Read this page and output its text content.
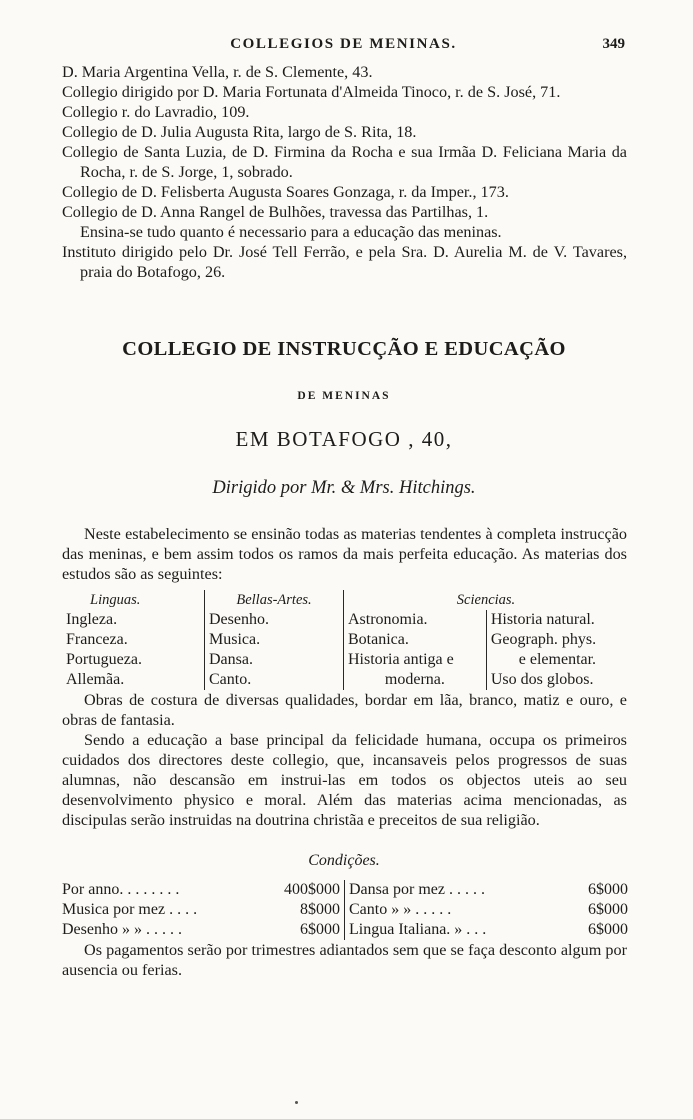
COLLEGIOS DE MENINAS.	349

D. Maria Argentina Vella, r. de S. Clemente, 43.

Collegio dirigido por D. Maria Fortunata d'Almeida Tinoco, r. de S. José, 71.

Collegio r. do Lavradio, 109.

Collegio de D. Julia Augusta Rita, largo de S. Rita, 18.

Collegio de Santa Luzia, de D. Firmina da Rocha e sua Irmãa D. Feliciana Maria da Rocha, r. de S. Jorge, 1, sobrado.

Collegio de D. Felisberta Augusta Soares Gonzaga, r. da Imper., 173.

Collegio de D. Anna Rangel de Bulhões, travessa das Partilhas, 1.

Ensina-se tudo quanto é necessario para a educação das meninas.

Instituto dirigido pelo Dr. José Tell Ferrão, e pela Sra. D. Aurelia M. de V. Tavares, praia do Botafogo, 26.

COLLEGIO DE INSTRUCÇÃO E EDUCAÇÃO
DE MENINAS
EM BOTAFOGO , 40,
Dirigido por Mr. & Mrs. Hitchings.

Neste estabelecimento se ensinão todas as materias tendentes à completa instrucção das meninas, e bem assim todos os ramos da mais perfeita educação. As materias dos estudos são as seguintes:

Linguas.	Bellas-Artes.	Sciencias.	
Ingleza.	Desenho.	Astronomia.	Historia natural.
Franceza.	Musica.	Botanica.	Geograph. phys.
Portugueza.	Dansa.	Historia antiga e	e elementar.
Allemãa.	Canto.	moderna.	Uso dos globos.

Obras de costura de diversas qualidades, bordar em lãa, branco, matiz e ouro, e obras de fantasia.

Sendo a educação a base principal da felicidade humana, occupa os primeiros cuidados dos directores deste collegio, que, incansaveis pelos progressos de suas alumnas, não descansão em instrui-las em todos os objectos uteis ao seu desenvolvimento physico e moral. Além das materias acima mencionadas, as discipulas serão instruidas na doutrina christãa e preceitos de sua religião.

Condições.
Por anno. . . . . . . .	400$000	Dansa por mez . . . . .	6$000
Musica por mez . . . .	8$000	Canto » » . . . . .	6$000
Desenho » » . . . . .	6$000	Lingua Italiana. » . . .	6$000

Os pagamentos serão por trimestres adiantados sem que se faça desconto algum por ausencia ou ferias.
